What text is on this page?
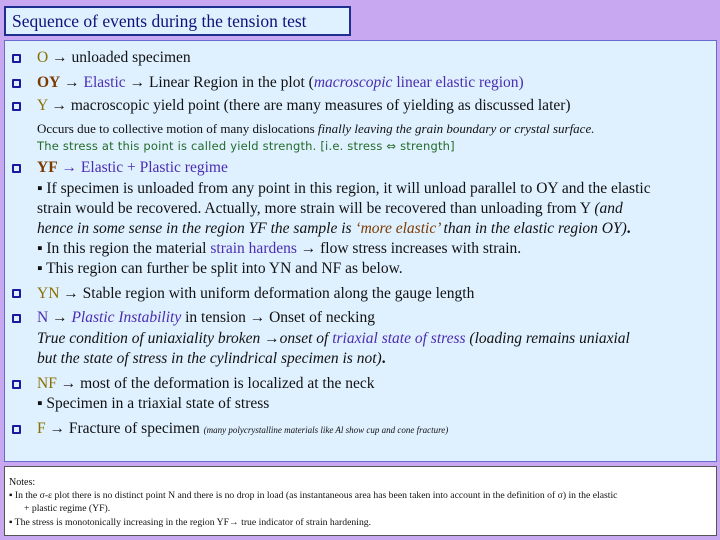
Sequence of events during the tension test
O → unloaded specimen
OY → Elastic → Linear Region in the plot (macroscopic linear elastic region)
Y → macroscopic yield point (there are many measures of yielding as discussed later)
Occurs due to collective motion of many dislocations finally leaving the grain boundary or crystal surface.
The stress at this point is called yield strength. [i.e. stress ⇔ strength]
YF → Elastic + Plastic regime
▪ If specimen is unloaded from any point in this region, it will unload parallel to OY and the elastic
strain would be recovered. Actually, more strain will be recovered than unloading from Y (and
hence in some sense in the region YF the sample is ‘more elastic’ than in the elastic region OY).
▪ In this region the material strain hardens → flow stress increases with strain.
▪ This region can further be split into YN and NF as below.
YN → Stable region with uniform deformation along the gauge length
N → Plastic Instability in tension → Onset of necking
True condition of uniaxiality broken →onset of triaxial state of stress (loading remains uniaxial
but the state of stress in the cylindrical specimen is not).
NF → most of the deformation is localized at the neck
▪ Specimen in a triaxial state of stress
F → Fracture of specimen (many polycrystalline materials like Al show cup and cone fracture)
Notes:
▪ In the σ-ε plot there is no distinct point N and there is no drop in load (as instantaneous area has been taken into account in the definition of σ) in the elastic
+ plastic regime (YF).
▪ The stress is monotonically increasing in the region YF→ true indicator of strain hardening.
